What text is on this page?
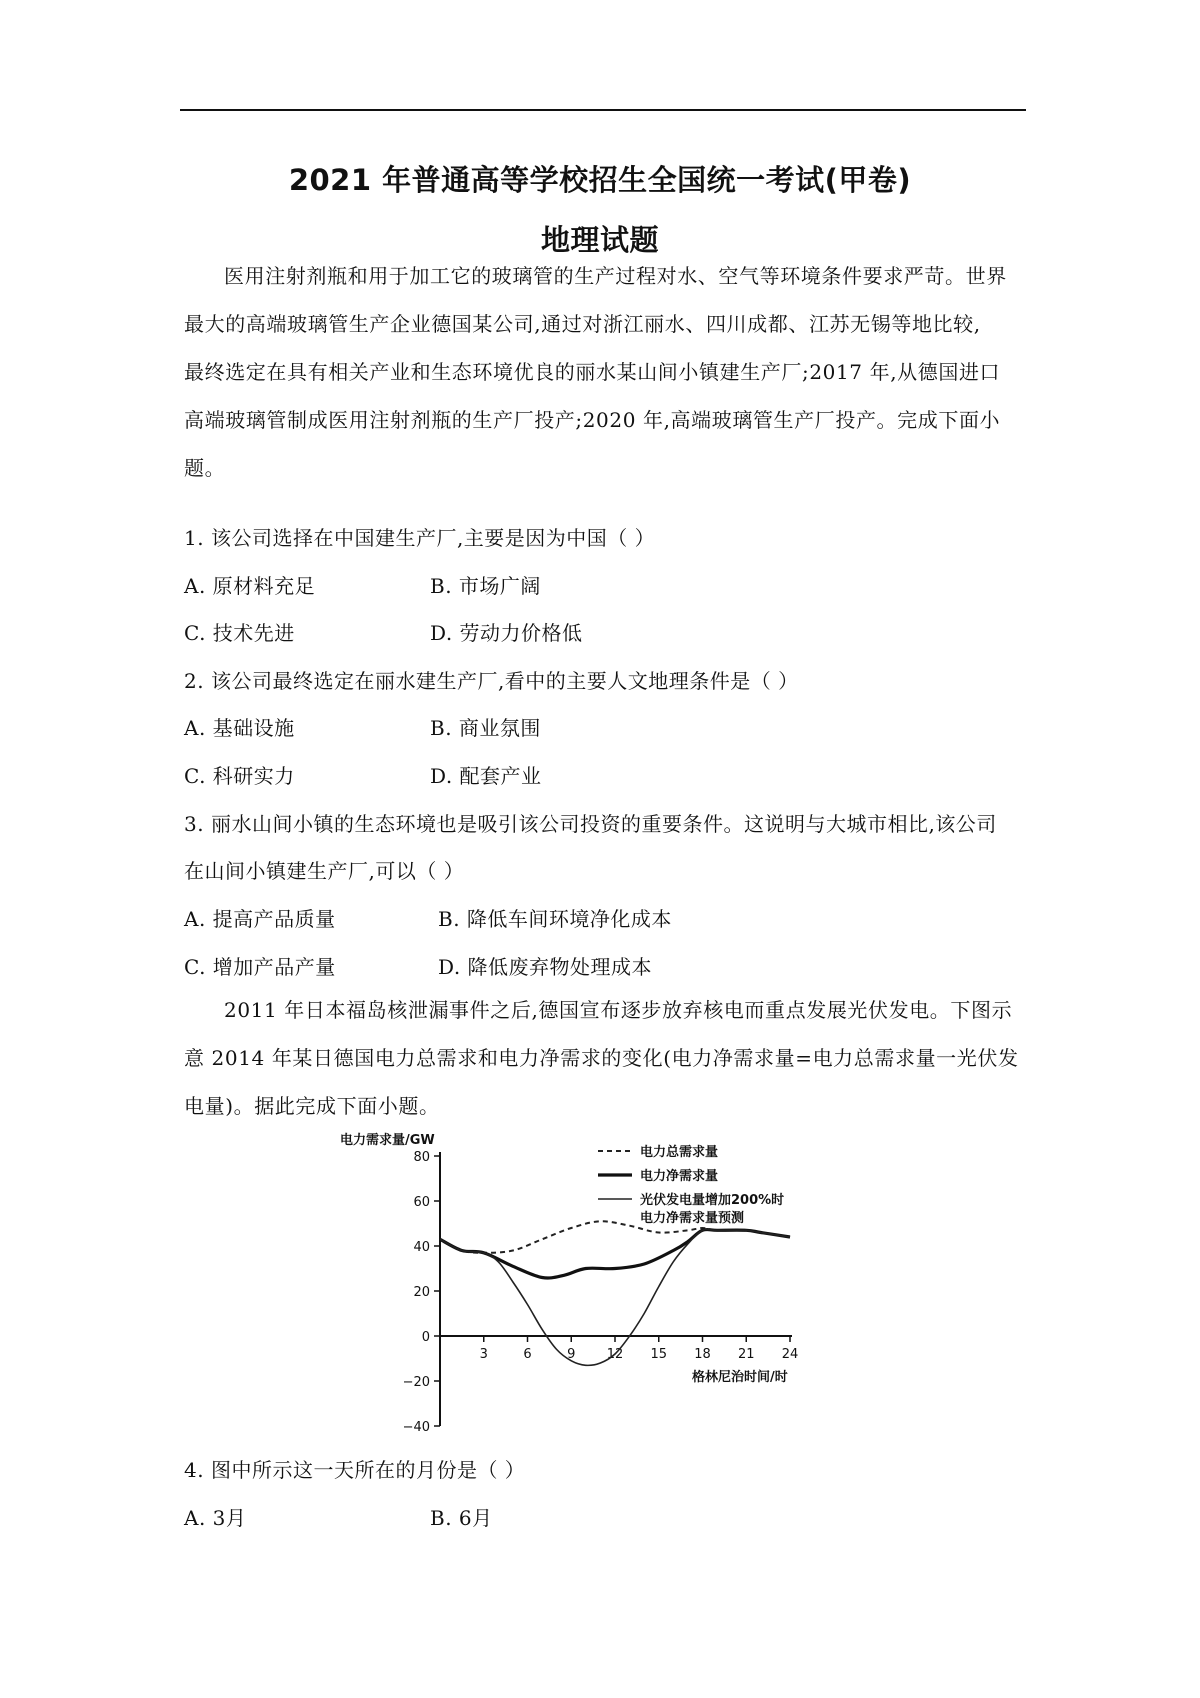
2021 年普通高等学校招生全国统一考试(甲卷)
地理试题
医用注射剂瓶和用于加工它的玻璃管的生产过程对水、空气等环境条件要求严苛。世界
最大的高端玻璃管生产企业德国某公司,通过对浙江丽水、四川成都、江苏无锡等地比较,
最终选定在具有相关产业和生态环境优良的丽水某山间小镇建生产厂;2017 年,从德国进口
高端玻璃管制成医用注射剂瓶的生产厂投产;2020 年,高端玻璃管生产厂投产。完成下面小
题。
1. 该公司选择在中国建生产厂,主要是因为中国（ ）
A. 原材料充足	B. 市场广阔
C. 技术先进	D. 劳动力价格低
2. 该公司最终选定在丽水建生产厂,看中的主要人文地理条件是（ ）
A. 基础设施	B. 商业氛围
C. 科研实力	D. 配套产业
3. 丽水山间小镇的生态环境也是吸引该公司投资的重要条件。这说明与大城市相比,该公司
在山间小镇建生产厂,可以（ ）
A. 提高产品质量	B. 降低车间环境净化成本
C. 增加产品产量	D. 降低废弃物处理成本
2011 年日本福岛核泄漏事件之后,德国宣布逐步放弃核电而重点发展光伏发电。下图示
意 2014 年某日德国电力总需求和电力净需求的变化(电力净需求量=电力总需求量一光伏发
电量)。据此完成下面小题。
电力需求量/GW
80
60
40
20
0
−20
−40
3	6	9 12 15 18 21 24
电力总需求量
电力净需求量
光伏发电量增加200%时
电力净需求量预测
格林尼治时间/时
4. 图中所示这一天所在的月份是（ ）
A. 3月	B. 6月
